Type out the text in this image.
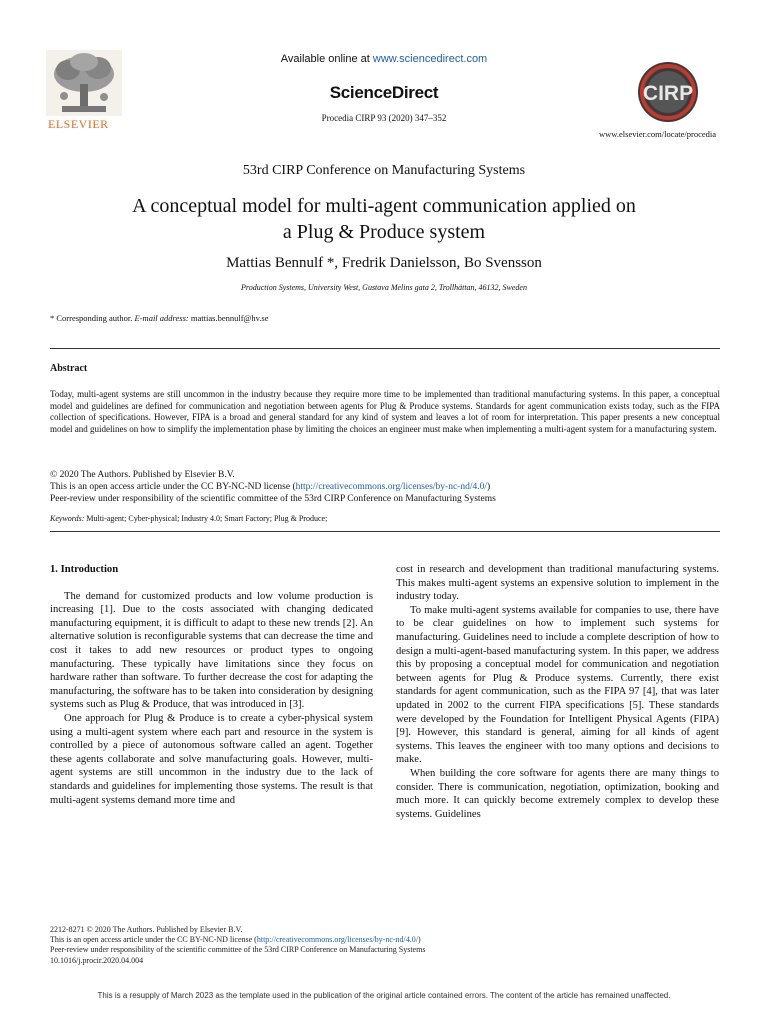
ELSEVIER
Available online at www.sciencedirect.com
ScienceDirect
Procedia CIRP 93 (2020) 347–352
CIRP
www.elsevier.com/locate/procedia
53rd CIRP Conference on Manufacturing Systems
A conceptual model for multi-agent communication applied on
a Plug & Produce system
Mattias Bennulf *, Fredrik Danielsson, Bo Svensson
Production Systems, University West, Gustava Melins gata 2, Trollhättan, 46132, Sweden
* Corresponding author. E-mail address: mattias.bennulf@hv.se
Abstract
Today, multi-agent systems are still uncommon in the industry because they require more time to be implemented than traditional manufacturing systems. In this paper, a conceptual model and guidelines are defined for communication and negotiation between agents for Plug & Produce systems. Standards for agent communication exists today, such as the FIPA collection of specifications. However, FIPA is a broad and general standard for any kind of system and leaves a lot of room for interpretation. This paper presents a new conceptual model and guidelines on how to simplify the implementation phase by limiting the choices an engineer must make when implementing a multi-agent system for a manufacturing system.
© 2020 The Authors. Published by Elsevier B.V.
This is an open access article under the CC BY-NC-ND license (http://creativecommons.org/licenses/by-nc-nd/4.0/)
Peer-review under responsibility of the scientific committee of the 53rd CIRP Conference on Manufacturing Systems
Keywords: Multi-agent; Cyber-physical; Industry 4.0; Smart Factory; Plug & Produce;
1. Introduction

The demand for customized products and low volume production is increasing [1]. Due to the costs associated with changing dedicated manufacturing equipment, it is difficult to adapt to these new trends [2]. An alternative solution is reconfigurable systems that can decrease the time and cost it takes to add new resources or product types to ongoing manufacturing. These typically have limitations since they focus on hardware rather than software. To further decrease the cost for adapting the manufacturing, the software has to be taken into consideration by designing systems such as Plug & Produce, that was introduced in [3].

One approach for Plug & Produce is to create a cyber-physical system using a multi-agent system where each part and resource in the system is controlled by a piece of autonomous software called an agent. Together these agents collaborate and solve manufacturing goals. However, multi-agent systems are still uncommon in the industry due to the lack of standards and guidelines for implementing those systems. The result is that multi-agent systems demand more time and

cost in research and development than traditional manufacturing systems. This makes multi-agent systems an expensive solution to implement in the industry today.

To make multi-agent systems available for companies to use, there have to be clear guidelines on how to implement such systems for manufacturing. Guidelines need to include a complete description of how to design a multi-agent-based manufacturing system. In this paper, we address this by proposing a conceptual model for communication and negotiation between agents for Plug & Produce systems. Currently, there exist standards for agent communication, such as the FIPA 97 [4], that was later updated in 2002 to the current FIPA specifications [5]. These standards were developed by the Foundation for Intelligent Physical Agents (FIPA) [9]. However, this standard is general, aiming for all kinds of agent systems. This leaves the engineer with too many options and decisions to make.

When building the core software for agents there are many things to consider. There is communication, negotiation, optimization, booking and much more. It can quickly become extremely complex to develop these systems. Guidelines

2212-8271 © 2020 The Authors. Published by Elsevier B.V.
This is an open access article under the CC BY-NC-ND license (http://creativecommons.org/licenses/by-nc-nd/4.0/)
Peer-review under responsibility of the scientific committee of the 53rd CIRP Conference on Manufacturing Systems
10.1016/j.procir.2020.04.004
This is a resupply of March 2023 as the template used in the publication of the original article contained errors. The content of the article has remained unaffected.
